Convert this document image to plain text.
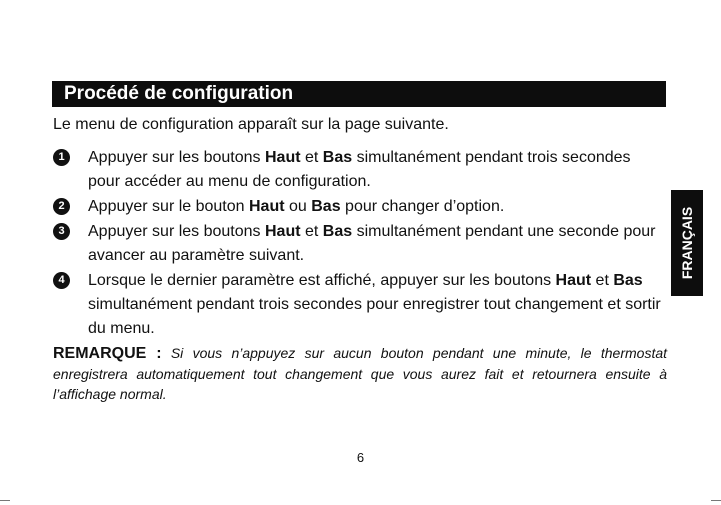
Procédé de configuration
Le menu de configuration apparaît sur la page suivante.
1	Appuyer sur les boutons Haut et Bas simultanément pendant trois secondes pour accéder au menu de configuration.
2	Appuyer sur le bouton Haut ou Bas pour changer d’option.
3	Appuyer sur les boutons Haut et Bas simultanément pendant une seconde pour avancer au paramètre suivant.
4	Lorsque le dernier paramètre est affiché, appuyer sur les boutons Haut et Bas simultanément pendant trois secondes pour enregistrer tout changement et sortir du menu.
REMARQUE : Si vous n’appuyez sur aucun bouton pendant une minute, le thermostat enregistrera automatiquement tout changement que vous aurez fait et retournera ensuite à l’affichage normal.
FRANÇAIS
6
